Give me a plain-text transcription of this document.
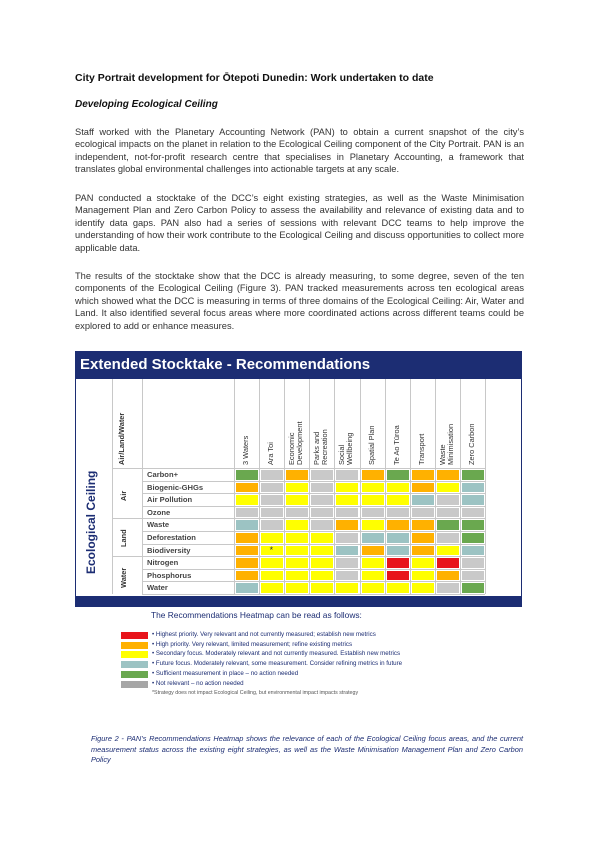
City Portrait development for Ōtepoti Dunedin: Work undertaken to date
Developing Ecological Ceiling
Staff worked with the Planetary Accounting Network (PAN) to obtain a current snapshot of the city’s ecological impacts on the planet in relation to the Ecological Ceiling component of the City Portrait. PAN is an independent, not-for-profit research centre that specialises in Planetary Accounting, a framework that translates global environmental challenges into actionable targets at any scale.
PAN conducted a stocktake of the DCC’s eight existing strategies, as well as the Waste Minimisation Management Plan and Zero Carbon Policy to assess the availability and relevance of existing data and to identify data gaps. PAN also had a series of sessions with relevant DCC teams to help improve the understanding of how their work contribute to the Ecological Ceiling and discuss opportunities to collect more applicable data.
The results of the stocktake show that the DCC is already measuring, to some degree, seven of the ten components of the Ecological Ceiling (Figure 3). PAN tracked measurements across ten ecological areas which showed what the DCC is measuring in terms of three domains of the Ecological Ceiling: Air, Water and Land. It also identified several focus areas where more coordinated actions across different teams could be explored to add or enhance measures.
Extended Stocktake - Recommendations
3 Waters Ara Toi Economic
Development Parks and
Recreation Social
Wellbeing Spatial Plan Te Ao Tūroa Transport Waste
Minimisation Zero Carbon
Air/Land/Water
Ecological Ceiling	Air
Land
Water
Carbon+
Biogenic-GHGs
Air Pollution
Ozone
Waste
Deforestation
Biodiversity
Nitrogen
Phosphorus
Water
*
The Recommendations Heatmap can be read as follows:
• Highest priority. Very relevant and not currently measured; establish new metrics
• High priority. Very relevant, limited measurement; refine existing metrics
• Secondary focus. Moderately relevant and not currently measured. Establish new metrics
• Future focus. Moderately relevant, some measurement. Consider refining metrics in future
• Sufficient measurement in place – no action needed
• Not relevant – no action needed
*Strategy does not impact Ecological Ceiling, but environmental impact impacts strategy
Figure 2 - PAN’s Recommendations Heatmap shows the relevance of each of the Ecological Ceiling focus areas, and the current measurement status across the existing eight strategies, as well as the Waste Minimisation Management Plan and Zero Carbon Policy
